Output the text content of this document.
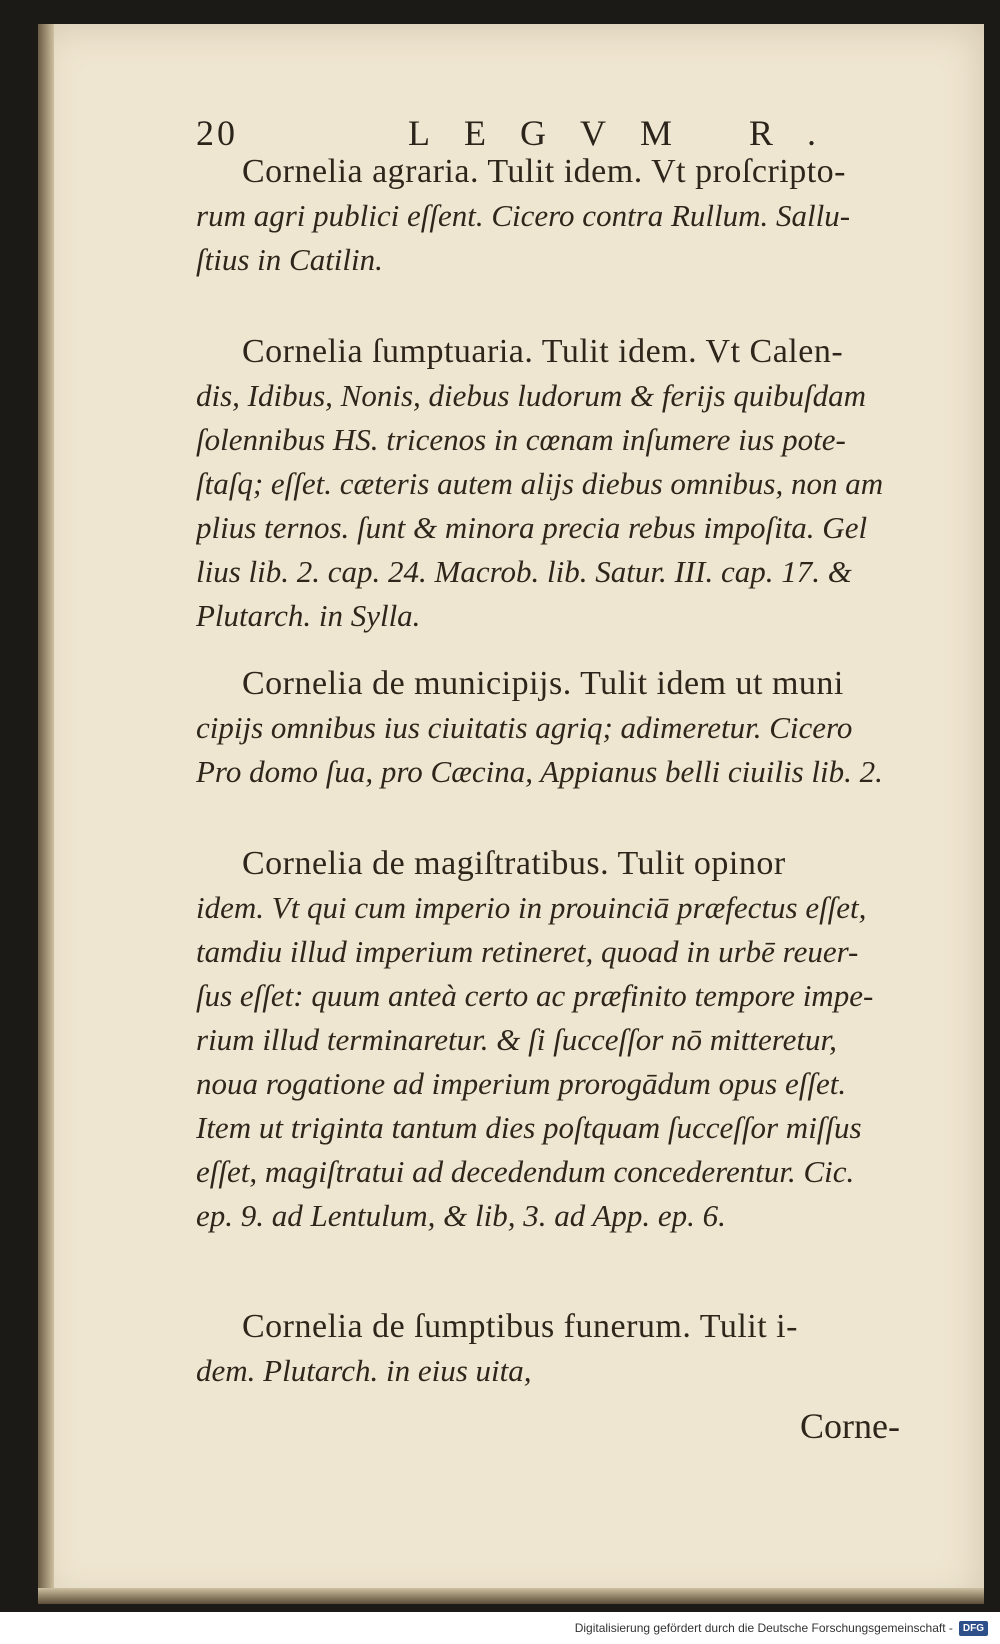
20	LEGVM R.
Cornelia agraria. Tulit idem. Vt proſcripto-
rum agri publici eſſent. Cicero contra Rullum. Sallu-
ſtius in Catilin.
Cornelia ſumptuaria. Tulit idem. Vt Calen-
dis, Idibus, Nonis, diebus ludorum & ferijs quibuſdam
ſolennibus HS. tricenos in cœnam inſumere ius pote-
ſtaſq; eſſet. cæteris autem alijs diebus omnibus, non am
plius ternos. ſunt & minora precia rebus impoſita. Gel
lius lib. 2. cap. 24. Macrob. lib. Satur. III. cap. 17. &
Plutarch. in Sylla.
Cornelia de municipijs. Tulit idem ut muni
cipijs omnibus ius ciuitatis agriq; adimeretur. Cicero
Pro domo ſua, pro Cæcina, Appianus belli ciuilis lib. 2.
Cornelia de magiſtratibus. Tulit opinor
idem. Vt qui cum imperio in prouinciā præfectus eſſet,
tamdiu illud imperium retineret, quoad in urbē reuer-
ſus eſſet: quum anteà certo ac præfinito tempore impe-
rium illud terminaretur. & ſi ſucceſſor nō mitteretur,
noua rogatione ad imperium prorogādum opus eſſet.
Item ut triginta tantum dies poſtquam ſucceſſor miſſus
eſſet, magiſtratui ad decedendum concederentur. Cic.
ep. 9. ad Lentulum, & lib, 3. ad App. ep. 6.
Cornelia de ſumptibus funerum. Tulit i-
dem. Plutarch. in eius uita,
Corne-
Digitalisierung gefördert durch die Deutsche Forschungsgemeinschaft -	DFG
